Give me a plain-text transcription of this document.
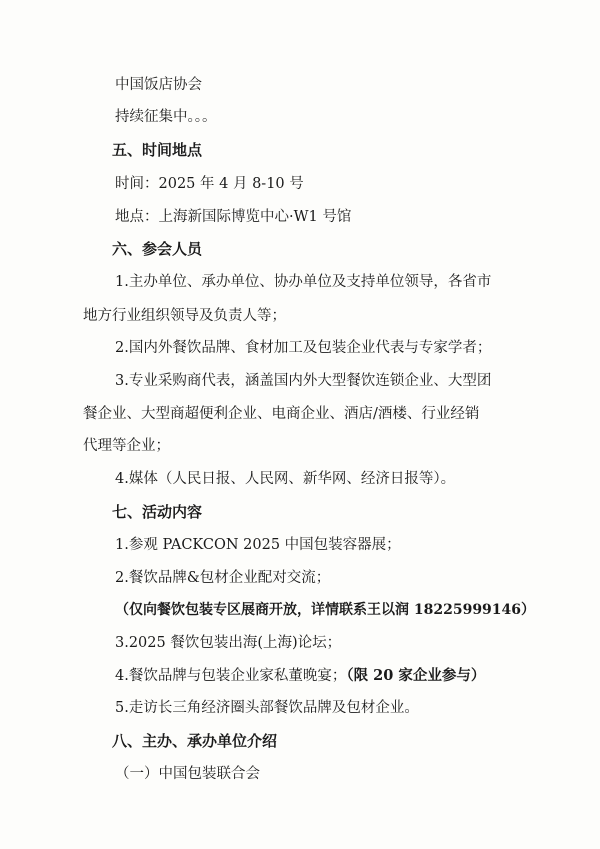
中国饭店协会
持续征集中。。。
五、时间地点
时间：2025 年 4 月 8-10 号
地点：上海新国际博览中心·W1 号馆
六、参会人员
1.主办单位、承办单位、协办单位及支持单位领导，各省市
地方行业组织领导及负责人等；
2.国内外餐饮品牌、食材加工及包装企业代表与专家学者；
3.专业采购商代表，涵盖国内外大型餐饮连锁企业、大型团
餐企业、大型商超便利企业、电商企业、酒店/酒楼、行业经销
代理等企业；
4.媒体（人民日报、人民网、新华网、经济日报等）。
七、活动内容
1.参观 PACKCON 2025 中国包装容器展；
2.餐饮品牌&包材企业配对交流；
（仅向餐饮包装专区展商开放，详情联系王以润 18225999146）
3.2025 餐饮包装出海(上海)论坛；
4.餐饮品牌与包装企业家私董晚宴；（限 20 家企业参与）
5.走访长三角经济圈头部餐饮品牌及包材企业。
八、主办、承办单位介绍
（一）中国包装联合会
